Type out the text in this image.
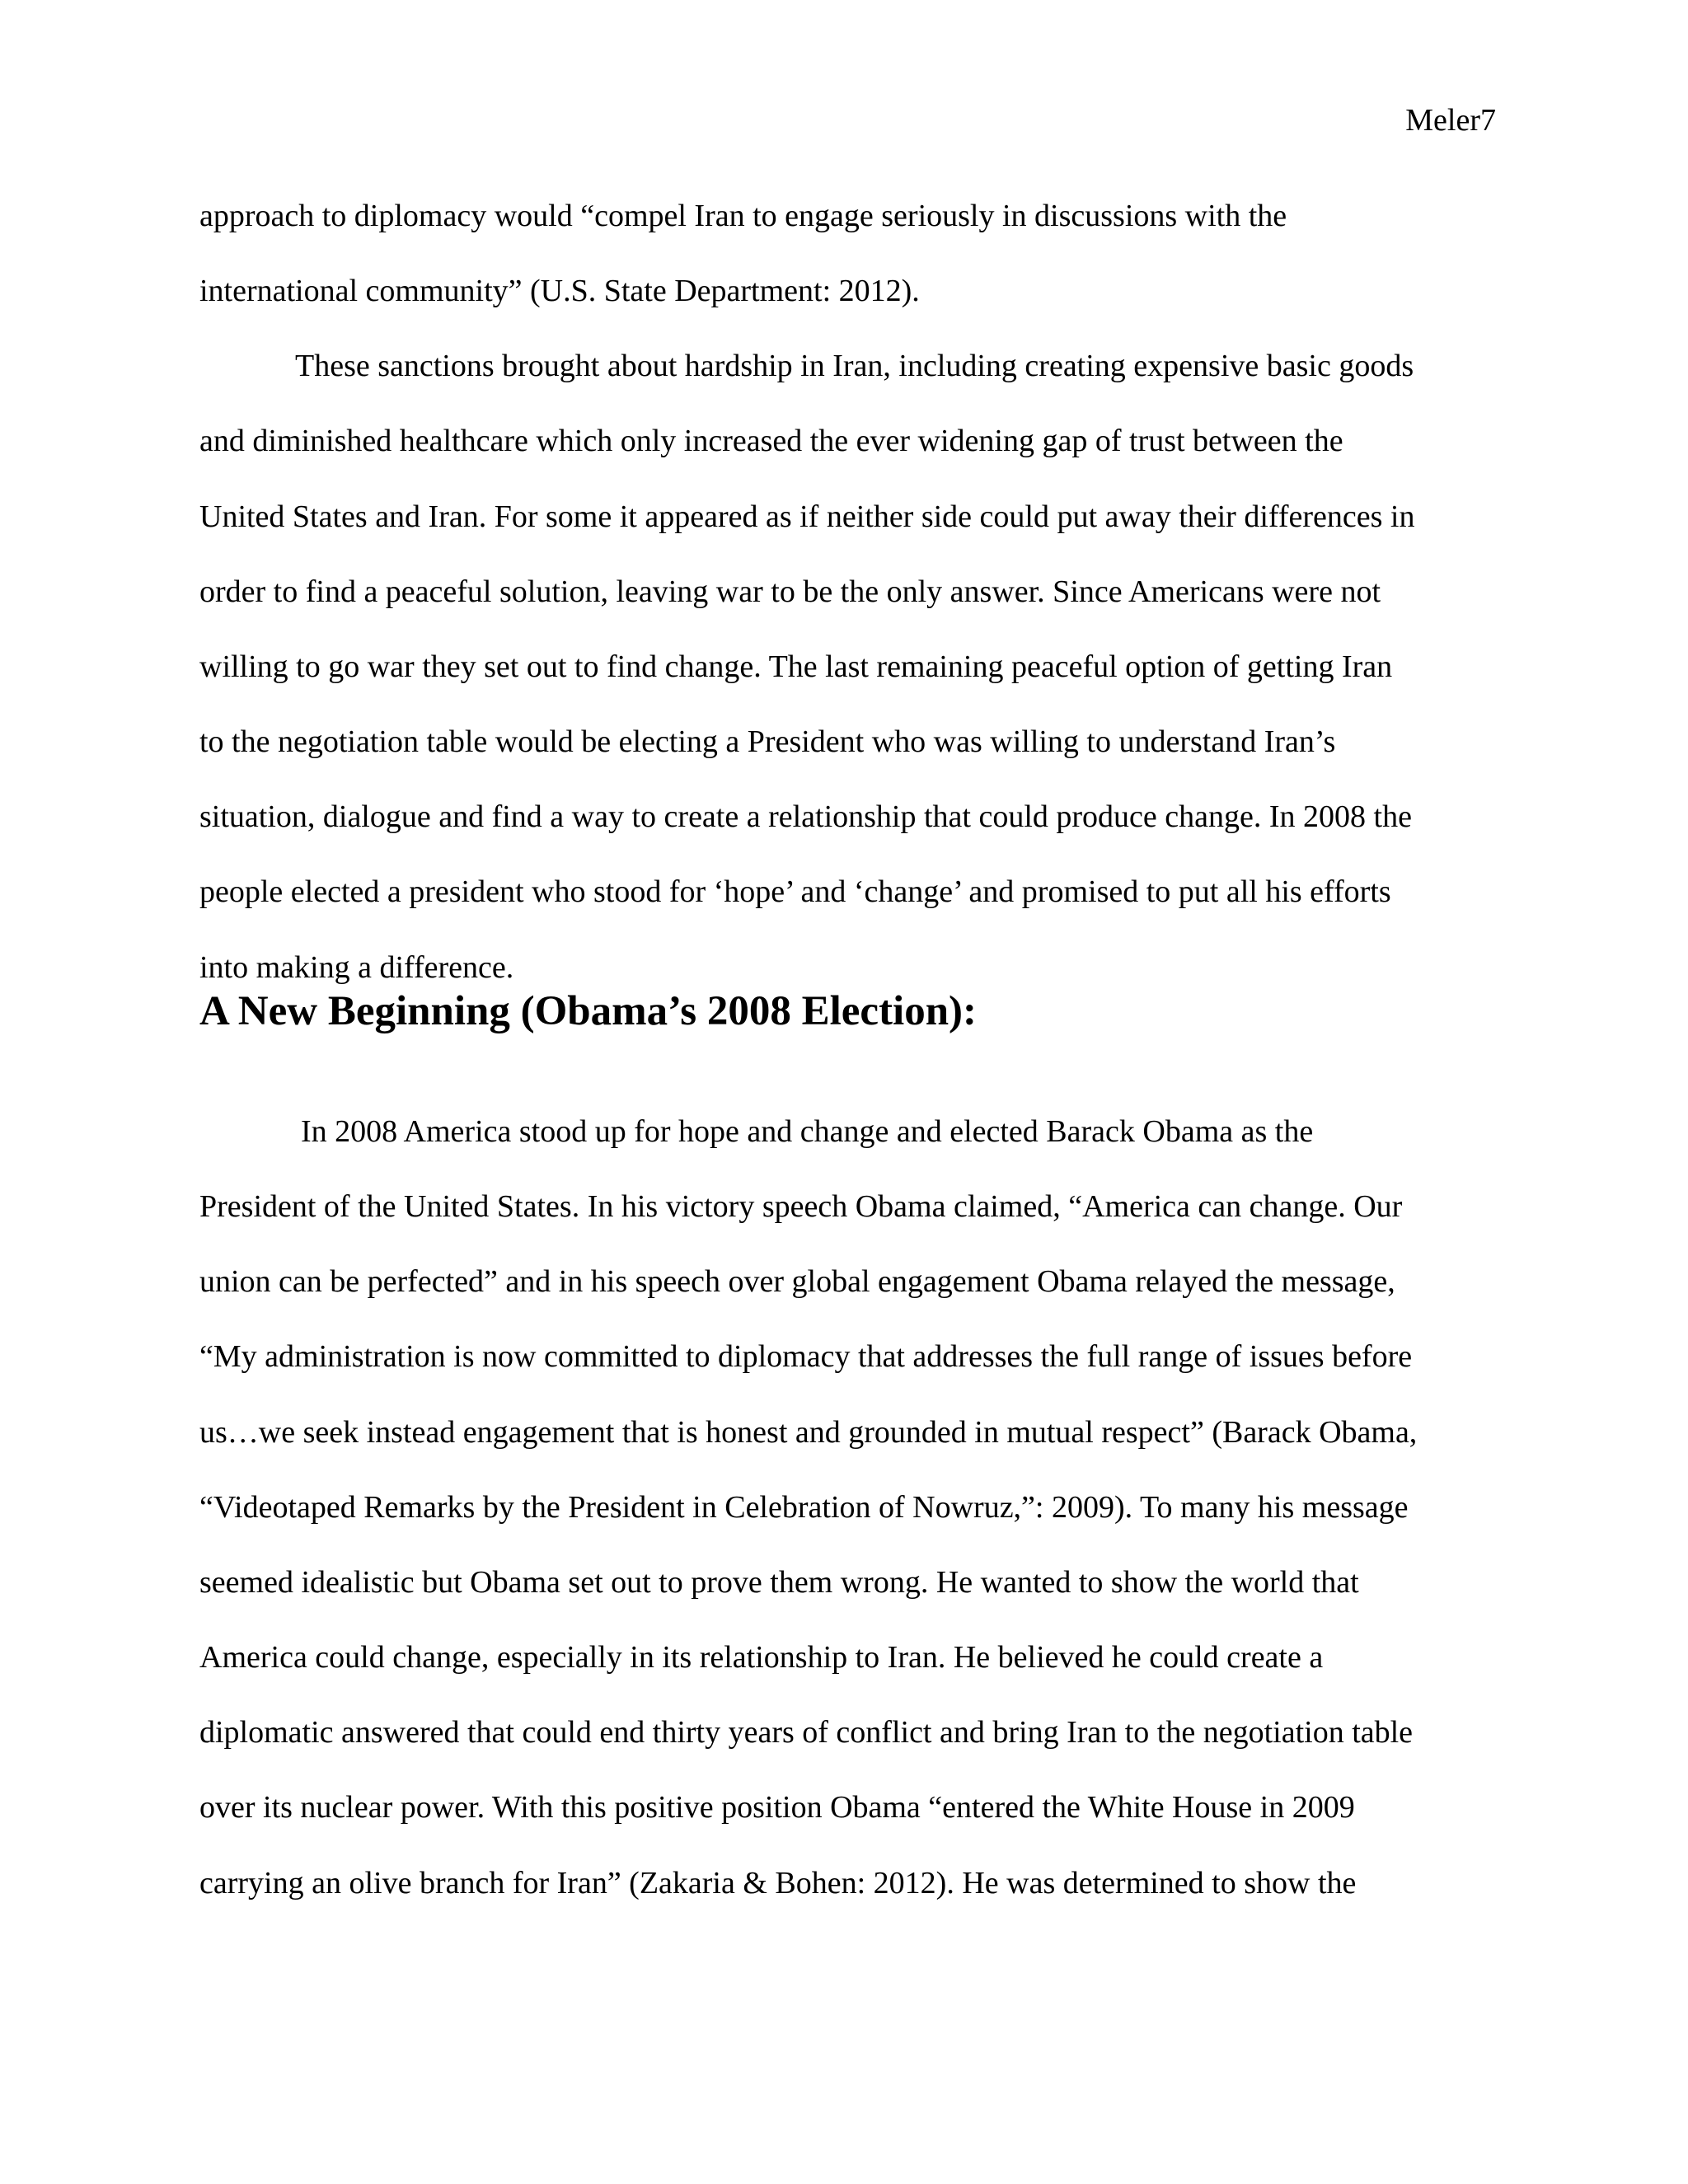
Meler7
approach to diplomacy would “compel Iran to engage seriously in discussions with the
international community” (U.S. State Department: 2012).
These sanctions brought about hardship in Iran, including creating expensive basic goods
and diminished healthcare which only increased the ever widening gap of trust between the
United States and Iran. For some it appeared as if neither side could put away their differences in
order to find a peaceful solution, leaving war to be the only answer. Since Americans were not
willing to go war they set out to find change. The last remaining peaceful option of getting Iran
to the negotiation table would be electing a President who was willing to understand Iran’s
situation, dialogue and find a way to create a relationship that could produce change. In 2008 the
people elected a president who stood for ‘hope’ and ‘change’ and promised to put all his efforts
into making a difference.
A New Beginning (Obama’s 2008 Election):
In 2008 America stood up for hope and change and elected Barack Obama as the
President of the United States. In his victory speech Obama claimed, “America can change. Our
union can be perfected” and in his speech over global engagement Obama relayed the message,
“My administration is now committed to diplomacy that addresses the full range of issues before
us…we seek instead engagement that is honest and grounded in mutual respect” (Barack Obama,
“Videotaped Remarks by the President in Celebration of Nowruz,”: 2009). To many his message
seemed idealistic but Obama set out to prove them wrong. He wanted to show the world that
America could change, especially in its relationship to Iran. He believed he could create a
diplomatic answered that could end thirty years of conflict and bring Iran to the negotiation table
over its nuclear power. With this positive position Obama “entered the White House in 2009
carrying an olive branch for Iran” (Zakaria & Bohen: 2012). He was determined to show the
